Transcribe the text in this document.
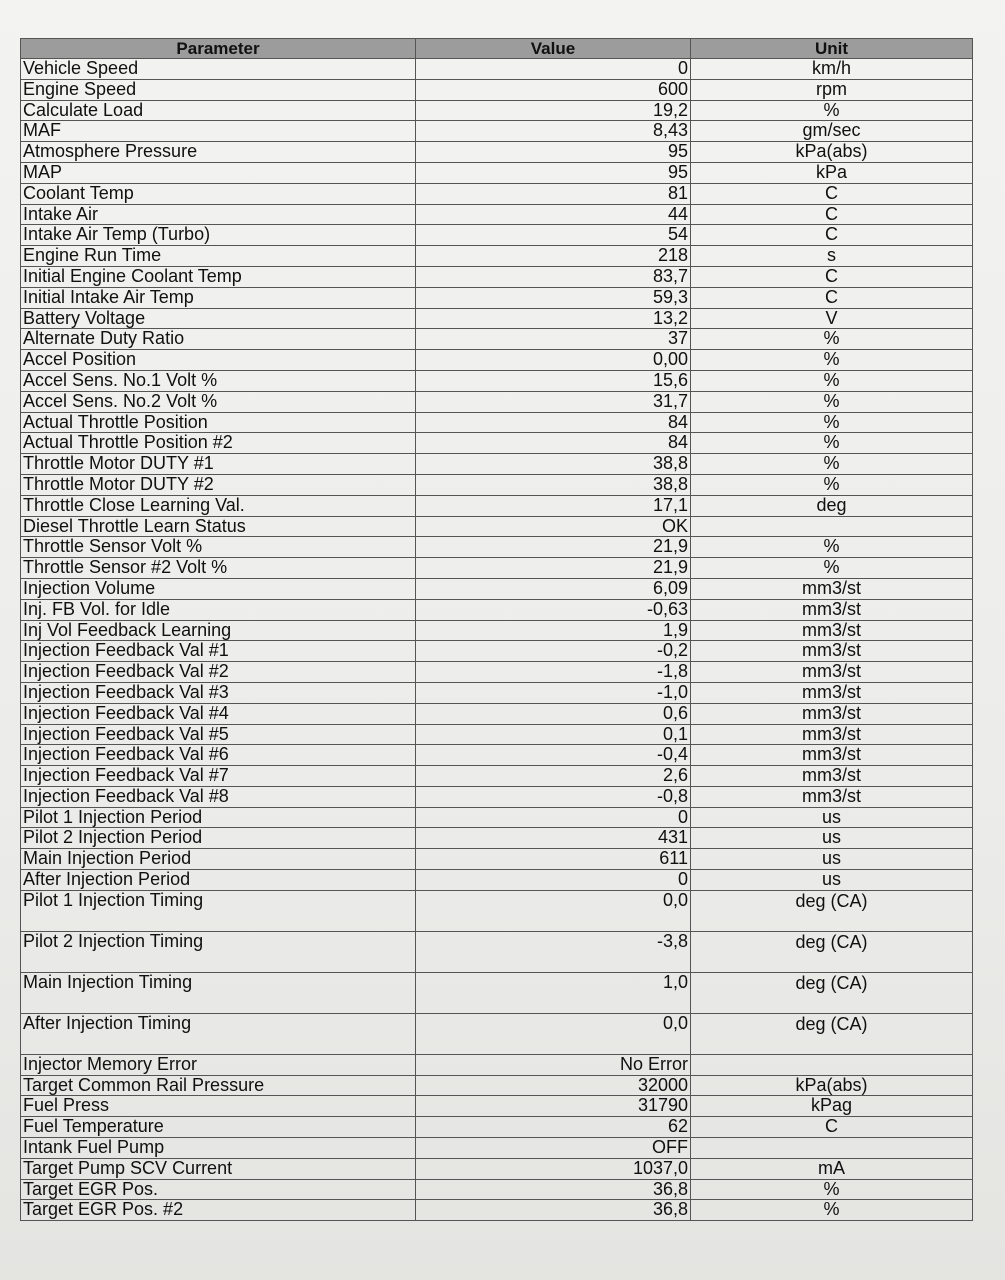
Parameter	Value	Unit
Vehicle Speed	0	km/h
Engine Speed	600	rpm
Calculate Load	19,2	%
MAF	8,43	gm/sec
Atmosphere Pressure	95	kPa(abs)
MAP	95	kPa
Coolant Temp	81	C
Intake Air	44	C
Intake Air Temp (Turbo)	54	C
Engine Run Time	218	s
Initial Engine Coolant Temp	83,7	C
Initial Intake Air Temp	59,3	C
Battery Voltage	13,2	V
Alternate Duty Ratio	37	%
Accel Position	0,00	%
Accel Sens. No.1 Volt %	15,6	%
Accel Sens. No.2 Volt %	31,7	%
Actual Throttle Position	84	%
Actual Throttle Position #2	84	%
Throttle Motor DUTY #1	38,8	%
Throttle Motor DUTY #2	38,8	%
Throttle Close Learning Val.	17,1	deg
Diesel Throttle Learn Status	OK	
Throttle Sensor Volt %	21,9	%
Throttle Sensor #2 Volt %	21,9	%
Injection Volume	6,09	mm3/st
Inj. FB Vol. for Idle	-0,63	mm3/st
Inj Vol Feedback Learning	1,9	mm3/st
Injection Feedback Val #1	-0,2	mm3/st
Injection Feedback Val #2	-1,8	mm3/st
Injection Feedback Val #3	-1,0	mm3/st
Injection Feedback Val #4	0,6	mm3/st
Injection Feedback Val #5	0,1	mm3/st
Injection Feedback Val #6	-0,4	mm3/st
Injection Feedback Val #7	2,6	mm3/st
Injection Feedback Val #8	-0,8	mm3/st
Pilot 1 Injection Period	0	us
Pilot 2 Injection Period	431	us
Main Injection Period	611	us
After Injection Period	0	us
Pilot 1 Injection Timing	0,0	deg (CA)
Pilot 2 Injection Timing	-3,8	deg (CA)
Main Injection Timing	1,0	deg (CA)
After Injection Timing	0,0	deg (CA)
Injector Memory Error	No Error	
Target Common Rail Pressure	32000	kPa(abs)
Fuel Press	31790	kPag
Fuel Temperature	62	C
Intank Fuel Pump	OFF	
Target Pump SCV Current	1037,0	mA
Target EGR Pos.	36,8	%
Target EGR Pos. #2	36,8	%
